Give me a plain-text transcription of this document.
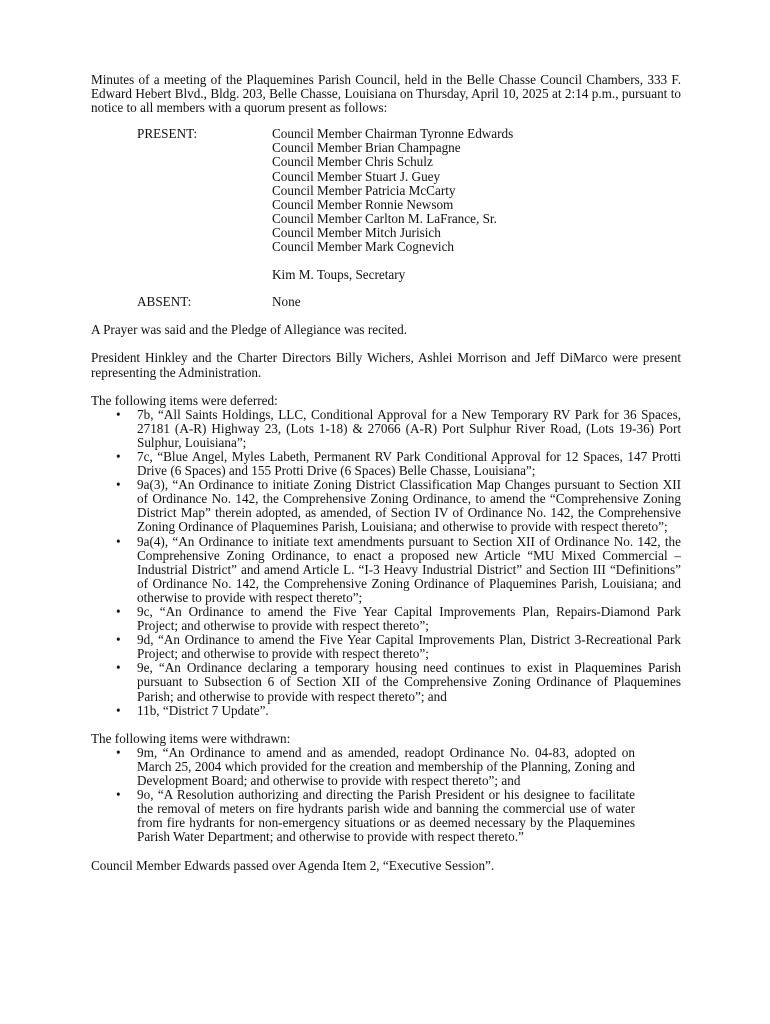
Minutes of a meeting of the Plaquemines Parish Council, held in the Belle Chasse Council Chambers, 333 F. Edward Hebert Blvd., Bldg. 203, Belle Chasse, Louisiana on Thursday, April 10, 2025 at 2:14 p.m., pursuant to notice to all members with a quorum present as follows:

PRESENT:	Council Member Chairman Tyronne Edwards
Council Member Brian Champagne
Council Member Chris Schulz
Council Member Stuart J. Guey
Council Member Patricia McCarty
Council Member Ronnie Newsom
Council Member Carlton M. LaFrance, Sr.
Council Member Mitch Jurisich
Council Member Mark Cognevich
Kim M. Toups, Secretary
ABSENT:	None

A Prayer was said and the Pledge of Allegiance was recited.

President Hinkley and the Charter Directors Billy Wichers, Ashlei Morrison and Jeff DiMarco were present representing the Administration.

The following items were deferred:

• 7b, “All Saints Holdings, LLC, Conditional Approval for a New Temporary RV Park for 36 Spaces, 27181 (A-R) Highway 23, (Lots 1-18) & 27066 (A-R) Port Sulphur River Road, (Lots 19-36) Port Sulphur, Louisiana”;
• 7c, “Blue Angel, Myles Labeth, Permanent RV Park Conditional Approval for 12 Spaces, 147 Protti Drive (6 Spaces) and 155 Protti Drive (6 Spaces) Belle Chasse, Louisiana”;
• 9a(3), “An Ordinance to initiate Zoning District Classification Map Changes pursuant to Section XII of Ordinance No. 142, the Comprehensive Zoning Ordinance, to amend the “Comprehensive Zoning District Map” therein adopted, as amended, of Section IV of Ordinance No. 142, the Comprehensive Zoning Ordinance of Plaquemines Parish, Louisiana; and otherwise to provide with respect thereto”;
• 9a(4), “An Ordinance to initiate text amendments pursuant to Section XII of Ordinance No. 142, the Comprehensive Zoning Ordinance, to enact a proposed new Article “MU Mixed Commercial – Industrial District” and amend Article L. “I-3 Heavy Industrial District” and Section III “Definitions” of Ordinance No. 142, the Comprehensive Zoning Ordinance of Plaquemines Parish, Louisiana; and otherwise to provide with respect thereto”;
• 9c, “An Ordinance to amend the Five Year Capital Improvements Plan, Repairs-Diamond Park Project; and otherwise to provide with respect thereto”;
• 9d, “An Ordinance to amend the Five Year Capital Improvements Plan, District 3-Recreational Park Project; and otherwise to provide with respect thereto”;
• 9e, “An Ordinance declaring a temporary housing need continues to exist in Plaquemines Parish pursuant to Subsection 6 of Section XII of the Comprehensive Zoning Ordinance of Plaquemines Parish; and otherwise to provide with respect thereto”; and
• 11b, “District 7 Update”.

The following items were withdrawn:

• 9m, “An Ordinance to amend and as amended, readopt Ordinance No. 04-83, adopted on March 25, 2004 which provided for the creation and membership of the Planning, Zoning and Development Board; and otherwise to provide with respect thereto”; and
• 9o, “A Resolution authorizing and directing the Parish President or his designee to facilitate the removal of meters on fire hydrants parish wide and banning the commercial use of water from fire hydrants for non-emergency situations or as deemed necessary by the Plaquemines Parish Water Department; and otherwise to provide with respect thereto.”

Council Member Edwards passed over Agenda Item 2, “Executive Session”.
